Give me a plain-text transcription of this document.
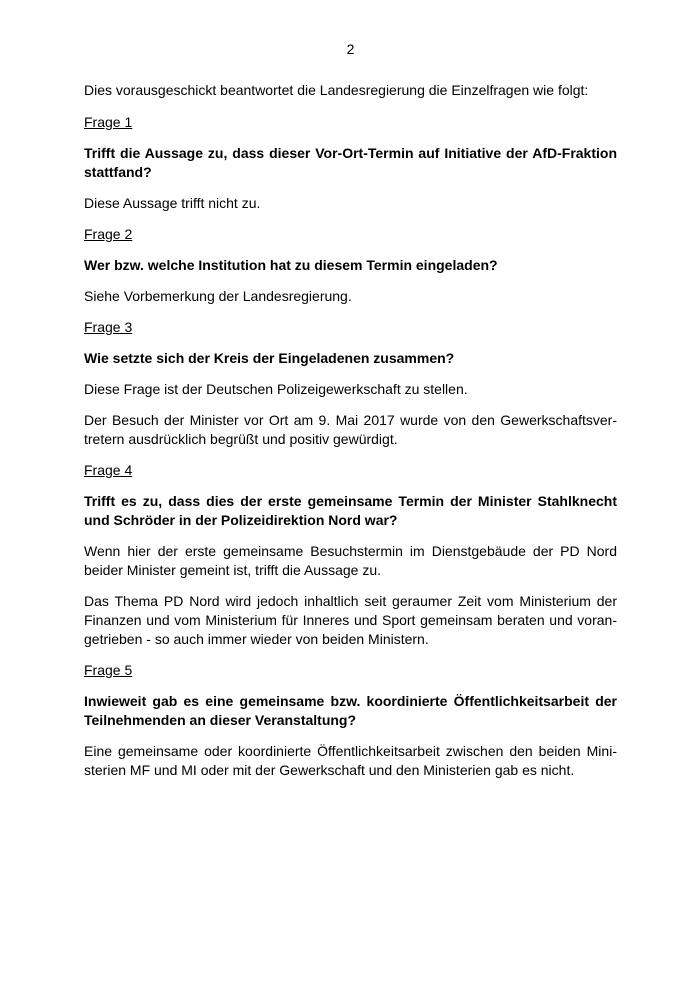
2

Dies vorausgeschickt beantwortet die Landesregierung die Einzelfragen wie folgt:

Frage 1

Trifft die Aussage zu, dass dieser Vor-Ort-Termin auf Initiative der AfD-Fraktion stattfand?

Diese Aussage trifft nicht zu.

Frage 2

Wer bzw. welche Institution hat zu diesem Termin eingeladen?

Siehe Vorbemerkung der Landesregierung.

Frage 3

Wie setzte sich der Kreis der Eingeladenen zusammen?

Diese Frage ist der Deutschen Polizeigewerkschaft zu stellen.

Der Besuch der Minister vor Ort am 9. Mai 2017 wurde von den Gewerkschaftsvertretern ausdrücklich begrüßt und positiv gewürdigt.

Frage 4

Trifft es zu, dass dies der erste gemeinsame Termin der Minister Stahlknecht und Schröder in der Polizeidirektion Nord war?

Wenn hier der erste gemeinsame Besuchstermin im Dienstgebäude der PD Nord beider Minister gemeint ist, trifft die Aussage zu.

Das Thema PD Nord wird jedoch inhaltlich seit geraumer Zeit vom Ministerium der Finanzen und vom Ministerium für Inneres und Sport gemeinsam beraten und vorangetrieben - so auch immer wieder von beiden Ministern.

Frage 5

Inwieweit gab es eine gemeinsame bzw. koordinierte Öffentlichkeitsarbeit der Teilnehmenden an dieser Veranstaltung?

Eine gemeinsame oder koordinierte Öffentlichkeitsarbeit zwischen den beiden Ministerien MF und MI oder mit der Gewerkschaft und den Ministerien gab es nicht.
